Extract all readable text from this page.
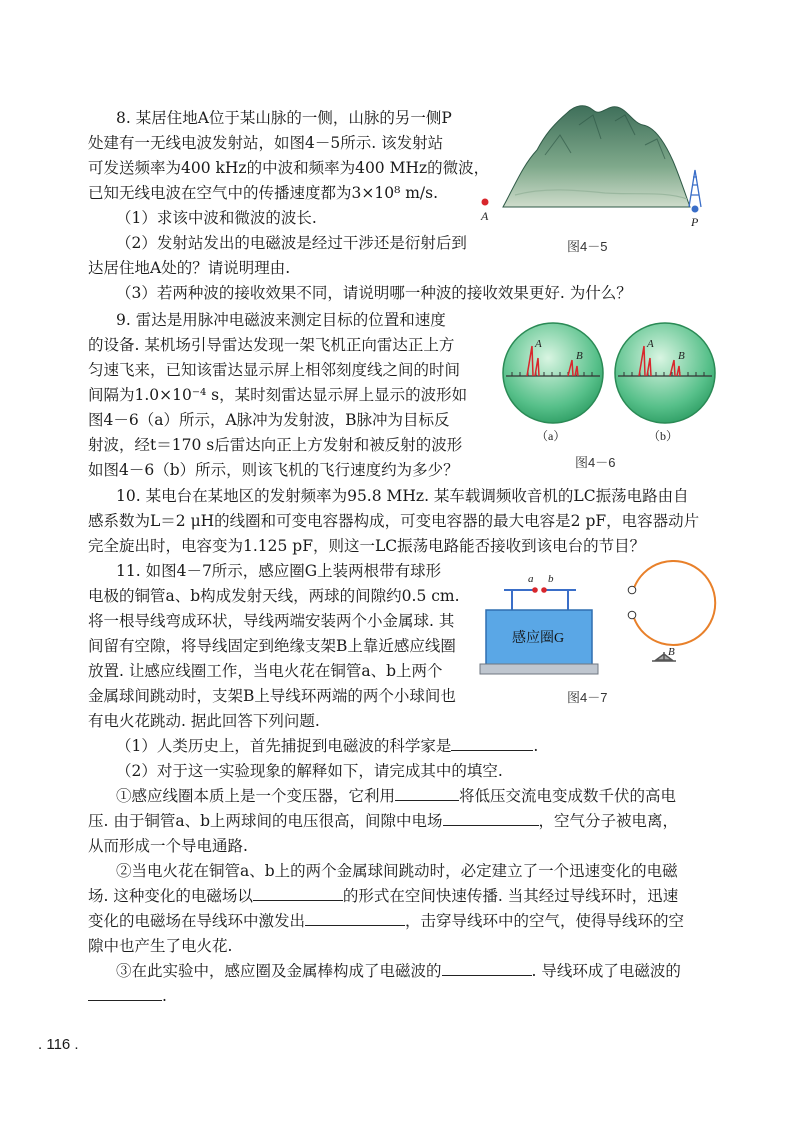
8. 某居住地A位于某山脉的一侧，山脉的另一侧P
处建有一无线电波发射站，如图4－5所示. 该发射站
可发送频率为400 kHz的中波和频率为400 MHz的微波，
已知无线电波在空气中的传播速度都为3×10⁸ m/s.
（1）求该中波和微波的波长.
（2）发射站发出的电磁波是经过干涉还是衍射后到
达居住地A处的？请说明理由.
（3）若两种波的接收效果不同，请说明哪一种波的接收效果更好. 为什么？
A	P
图4－5
9. 雷达是用脉冲电磁波来测定目标的位置和速度
的设备. 某机场引导雷达发现一架飞机正向雷达正上方
匀速飞来，已知该雷达显示屏上相邻刻度线之间的时间
间隔为1.0×10⁻⁴ s，某时刻雷达显示屏上显示的波形如
图4－6（a）所示，A脉冲为发射波，B脉冲为目标反
射波，经t＝170 s后雷达向正上方发射和被反射的波形
如图4－6（b）所示，则该飞机的飞行速度约为多少？
A
B
A
B
（a）	（b）
图4－6
10. 某电台在某地区的发射频率为95.8 MHz. 某车载调频收音机的LC振荡电路由自
感系数为L＝2 μH的线圈和可变电容器构成，可变电容器的最大电容是2 pF，电容器动片
完全旋出时，电容变为1.125 pF，则这一LC振荡电路能否接收到该电台的节目？
11. 如图4－7所示，感应圈G上装两根带有球形
电极的铜管a、b构成发射天线，两球的间隙约0.5 cm.
将一根导线弯成环状，导线两端安装两个小金属球. 其
间留有空隙，将导线固定到绝缘支架B上靠近感应线圈
放置. 让感应线圈工作，当电火花在铜管a、b上两个
金属球间跳动时，支架B上导线环两端的两个小球间也
有电火花跳动. 据此回答下列问题.
（1）人类历史上，首先捕捉到电磁波的科学家是	.
（2）对于这一实验现象的解释如下，请完成其中的填空.
①感应线圈本质上是一个变压器，它利用	将低压交流电变成数千伏的高电
压. 由于铜管a、b上两球间的电压很高，间隙中电场	，空气分子被电离，
从而形成一个导电通路.
②当电火花在铜管a、b上的两个金属球间跳动时，必定建立了一个迅速变化的电磁
场. 这种变化的电磁场以	的形式在空间快速传播. 当其经过导线环时，迅速
变化的电磁场在导线环中激发出	，击穿导线环中的空气，使得导线环的空
隙中也产生了电火花.
③在此实验中，感应圈及金属棒构成了电磁波的	. 导线环成了电磁波的
.
a b
感应圈G
B
图4－7
. 116 .
